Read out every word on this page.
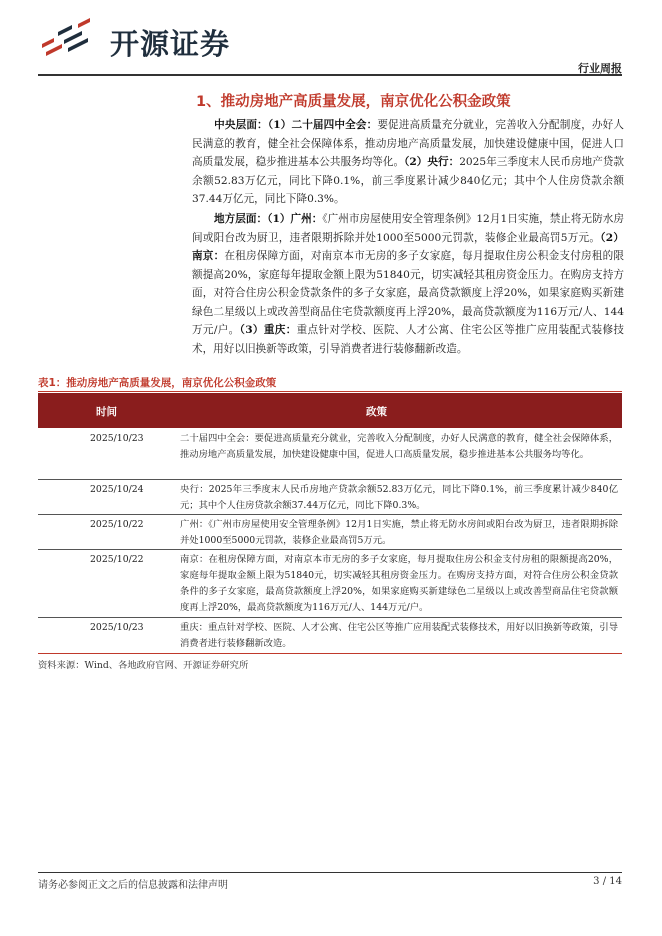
开源证券
行业周报
1、推动房地产高质量发展，南京优化公积金政策
中央层面：（1）二十届四中全会：要促进高质量充分就业，完善收入分配制度，办好人民满意的教育，健全社会保障体系，推动房地产高质量发展，加快建设健康中国，促进人口高质量发展，稳步推进基本公共服务均等化。（2）央行：2025年三季度末人民币房地产贷款余额52.83万亿元，同比下降0.1%，前三季度累计减少840亿元；其中个人住房贷款余额37.44万亿元，同比下降0.3%。
地方层面：（1）广州：《广州市房屋使用安全管理条例》12月1日实施，禁止将无防水房间或阳台改为厨卫，违者限期拆除并处1000至5000元罚款，装修企业最高罚5万元。（2）南京：在租房保障方面，对南京本市无房的多子女家庭，每月提取住房公积金支付房租的限额提高20%，家庭每年提取金额上限为51840元，切实减轻其租房资金压力。在购房支持方面，对符合住房公积金贷款条件的多子女家庭，最高贷款额度上浮20%，如果家庭购买新建绿色二星级以上或改善型商品住宅贷款额度再上浮20%，最高贷款额度为116万元/人、144万元/户。（3）重庆：重点针对学校、医院、人才公寓、住宅公区等推广应用装配式装修技术，用好以旧换新等政策，引导消费者进行装修翻新改造。
表1：推动房地产高质量发展，南京优化公积金政策
时间	政策
2025/10/23	二十届四中全会：要促进高质量充分就业，完善收入分配制度，办好人民满意的教育，健全社会保障体系，推动房地产高质量发展，加快建设健康中国，促进人口高质量发展，稳步推进基本公共服务均等化。
2025/10/24	央行：2025年三季度末人民币房地产贷款余额52.83万亿元，同比下降0.1%，前三季度累计减少840亿元；其中个人住房贷款余额37.44万亿元，同比下降0.3%。
2025/10/22	广州：《广州市房屋使用安全管理条例》12月1日实施，禁止将无防水房间或阳台改为厨卫，违者限期拆除并处1000至5000元罚款，装修企业最高罚5万元。
2025/10/22	南京：在租房保障方面，对南京本市无房的多子女家庭，每月提取住房公积金支付房租的限额提高20%，家庭每年提取金额上限为51840元，切实减轻其租房资金压力。在购房支持方面，对符合住房公积金贷款条件的多子女家庭，最高贷款额度上浮20%，如果家庭购买新建绿色二星级以上或改善型商品住宅贷款额度再上浮20%，最高贷款额度为116万元/人、144万元/户。
2025/10/23	重庆：重点针对学校、医院、人才公寓、住宅公区等推广应用装配式装修技术，用好以旧换新等政策，引导消费者进行装修翻新改造。
资料来源：Wind、各地政府官网、开源证券研究所
请务必参阅正文之后的信息披露和法律声明	3 / 14
